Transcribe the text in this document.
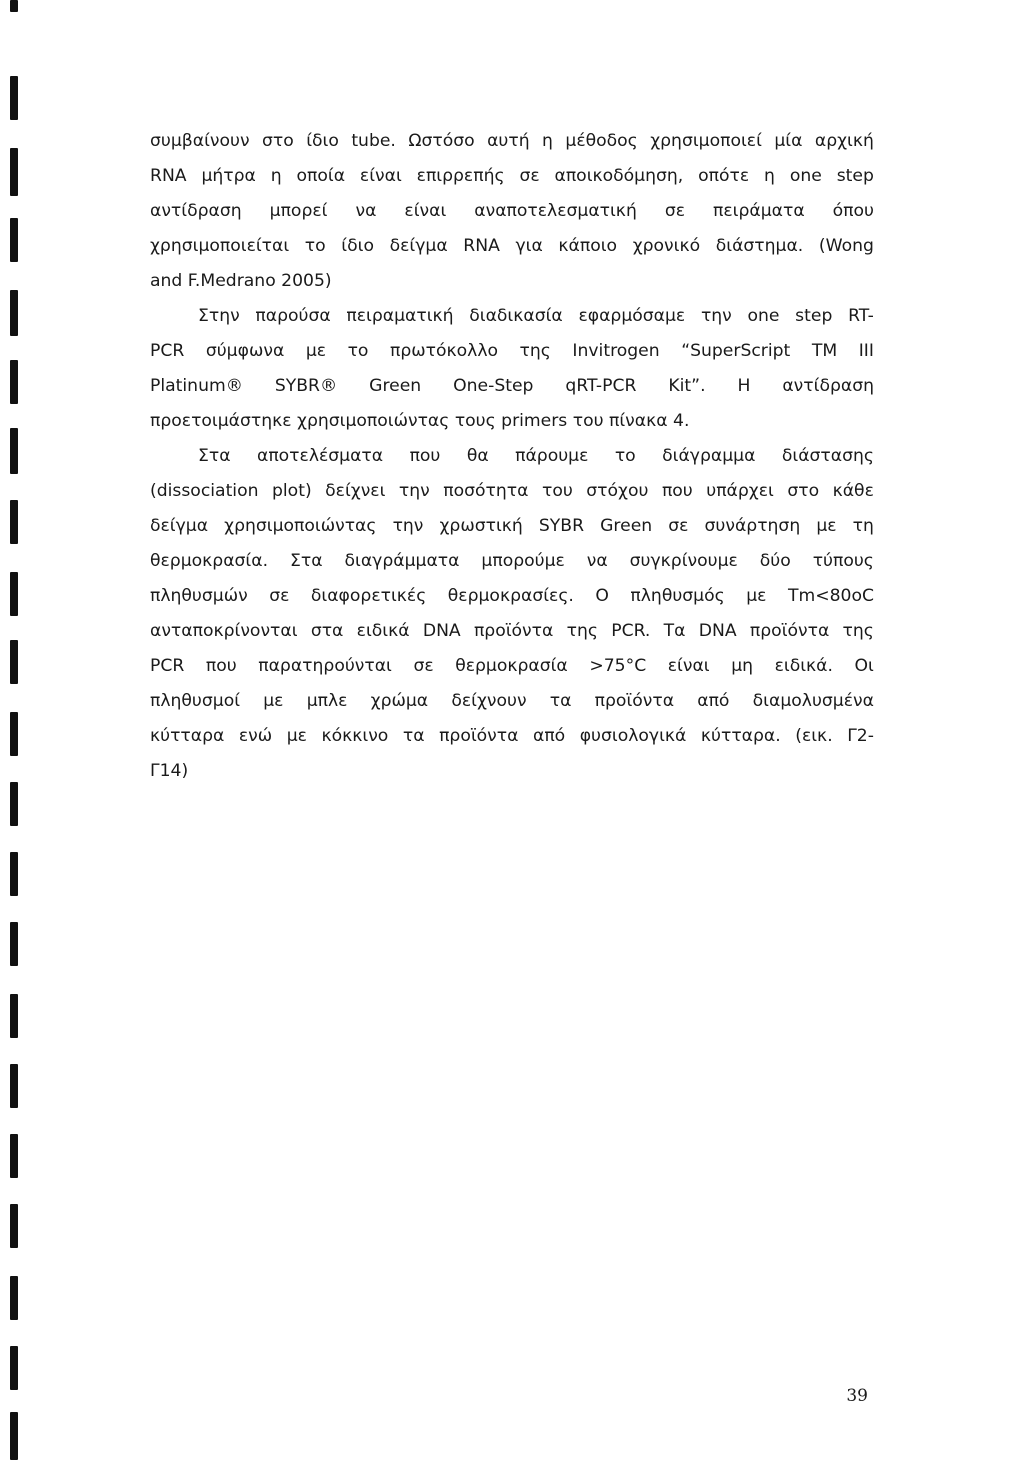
συμβαίνουν στο ίδιο tube. Ωστόσο αυτή η μέθοδος χρησιμοποιεί μία αρχική
RNA μήτρα η οποία είναι επιρρεπής σε αποικοδόμηση, οπότε η one step
αντίδραση μπορεί να είναι αναποτελεσματική σε πειράματα όπου
χρησιμοποιείται το ίδιο δείγμα RNA για κάποιο χρονικό διάστημα. (Wong
and F.Medrano 2005)
Στην παρούσα πειραματική διαδικασία εφαρμόσαμε την one step RT-
PCR σύμφωνα με το πρωτόκολλο της Invitrogen “SuperScript TM III
Platinum® SYBR® Green One-Step qRT-PCR Kit”. Η αντίδραση
προετοιμάστηκε χρησιμοποιώντας τους primers του πίνακα 4.
Στα αποτελέσματα που θα πάρουμε το διάγραμμα διάστασης
(dissociation plot) δείχνει την ποσότητα του στόχου που υπάρχει στο κάθε
δείγμα χρησιμοποιώντας την χρωστική SYBR Green σε συνάρτηση με τη
θερμοκρασία. Στα διαγράμματα μπορούμε να συγκρίνουμε δύο τύπους
πληθυσμών σε διαφορετικές θερμοκρασίες. Ο πληθυσμός με Tm<80oC
ανταποκρίνονται στα ειδικά DNA προϊόντα της PCR. Τα DNA προϊόντα της
PCR που παρατηρούνται σε θερμοκρασία >75°C είναι μη ειδικά. Οι
πληθυσμοί με μπλε χρώμα δείχνουν τα προϊόντα από διαμολυσμένα
κύτταρα ενώ με κόκκινο τα προϊόντα από φυσιολογικά κύτταρα. (εικ. Γ2-
Γ14)
39
